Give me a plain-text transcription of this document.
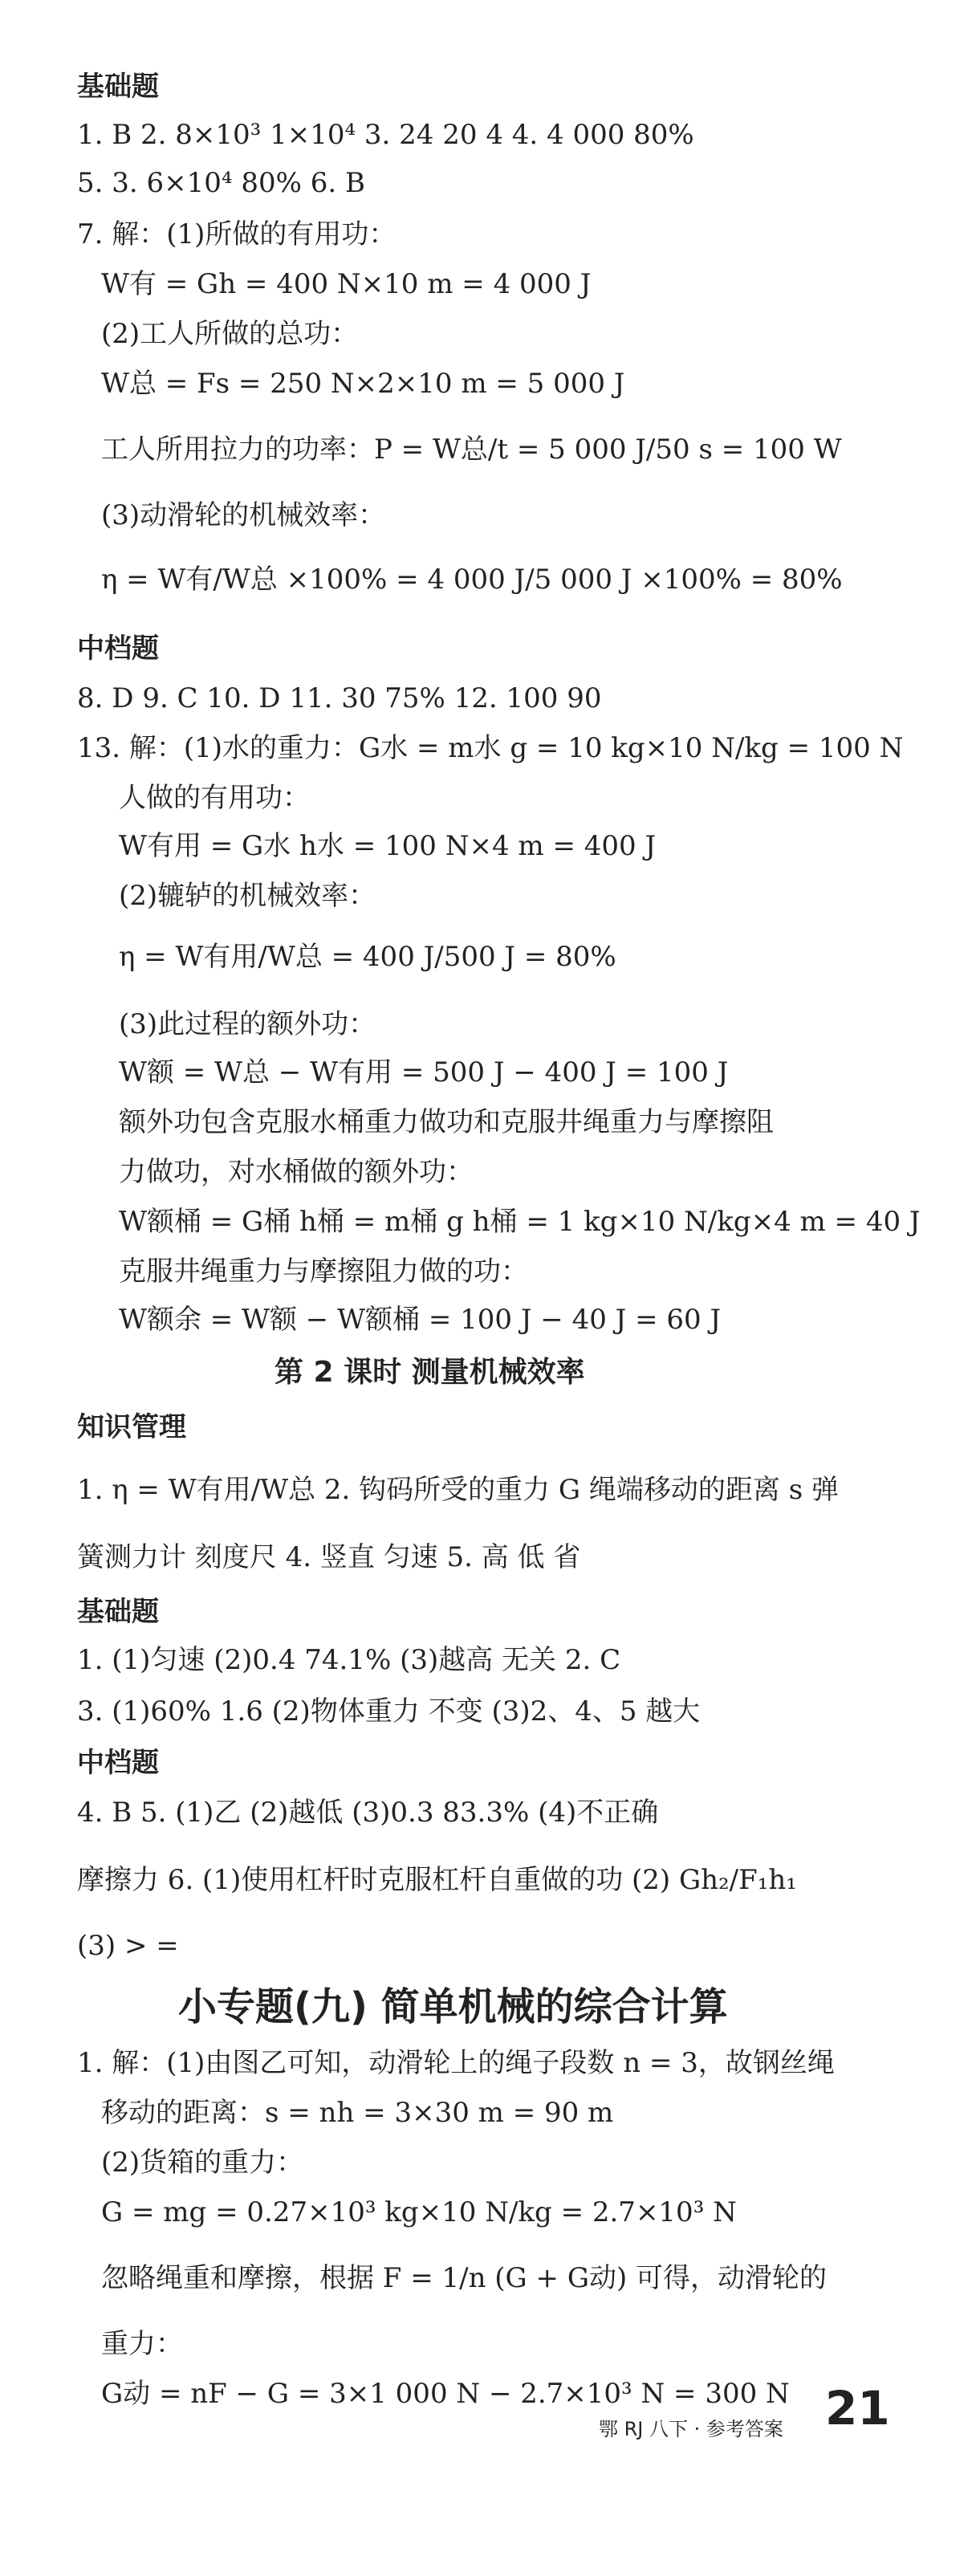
基础题
1. B 2. 8×10³ 1×10⁴ 3. 24 20 4 4. 4 000 80%
5. 3. 6×10⁴ 80% 6. B
7. 解：(1)所做的有用功：
W有 = Gh = 400 N×10 m = 4 000 J
(2)工人所做的总功：
W总 = Fs = 250 N×2×10 m = 5 000 J
工人所用拉力的功率：P = W总/t = 5 000 J/50 s = 100 W
(3)动滑轮的机械效率：
η = W有/W总 ×100% = 4 000 J/5 000 J ×100% = 80%
中档题
8. D 9. C 10. D 11. 30 75% 12. 100 90
13. 解：(1)水的重力：G水 = m水 g = 10 kg×10 N/kg = 100 N
人做的有用功：
W有用 = G水 h水 = 100 N×4 m = 400 J
(2)辘轳的机械效率：
η = W有用/W总 = 400 J/500 J = 80%
(3)此过程的额外功：
W额 = W总 − W有用 = 500 J − 400 J = 100 J
额外功包含克服水桶重力做功和克服井绳重力与摩擦阻
力做功，对水桶做的额外功：
W额桶 = G桶 h桶 = m桶 g h桶 = 1 kg×10 N/kg×4 m = 40 J
克服井绳重力与摩擦阻力做的功：
W额余 = W额 − W额桶 = 100 J − 40 J = 60 J
第 2 课时 测量机械效率
知识管理
1. η = W有用/W总 2. 钩码所受的重力 G 绳端移动的距离 s 弹
簧测力计 刻度尺 4. 竖直 匀速 5. 高 低 省
基础题
1. (1)匀速 (2)0.4 74.1% (3)越高 无关 2. C
3. (1)60% 1.6 (2)物体重力 不变 (3)2、4、5 越大
中档题
4. B 5. (1)乙 (2)越低 (3)0.3 83.3% (4)不正确
摩擦力 6. (1)使用杠杆时克服杠杆自重做的功 (2) Gh₂/F₁h₁
(3) > =
小专题(九) 简单机械的综合计算
1. 解：(1)由图乙可知，动滑轮上的绳子段数 n = 3，故钢丝绳
移动的距离：s = nh = 3×30 m = 90 m
(2)货箱的重力：
G = mg = 0.27×10³ kg×10 N/kg = 2.7×10³ N
忽略绳重和摩擦，根据 F = 1/n (G + G动) 可得，动滑轮的
重力：
G动 = nF − G = 3×1 000 N − 2.7×10³ N = 300 N
鄂 RJ 八下 · 参考答案 21
